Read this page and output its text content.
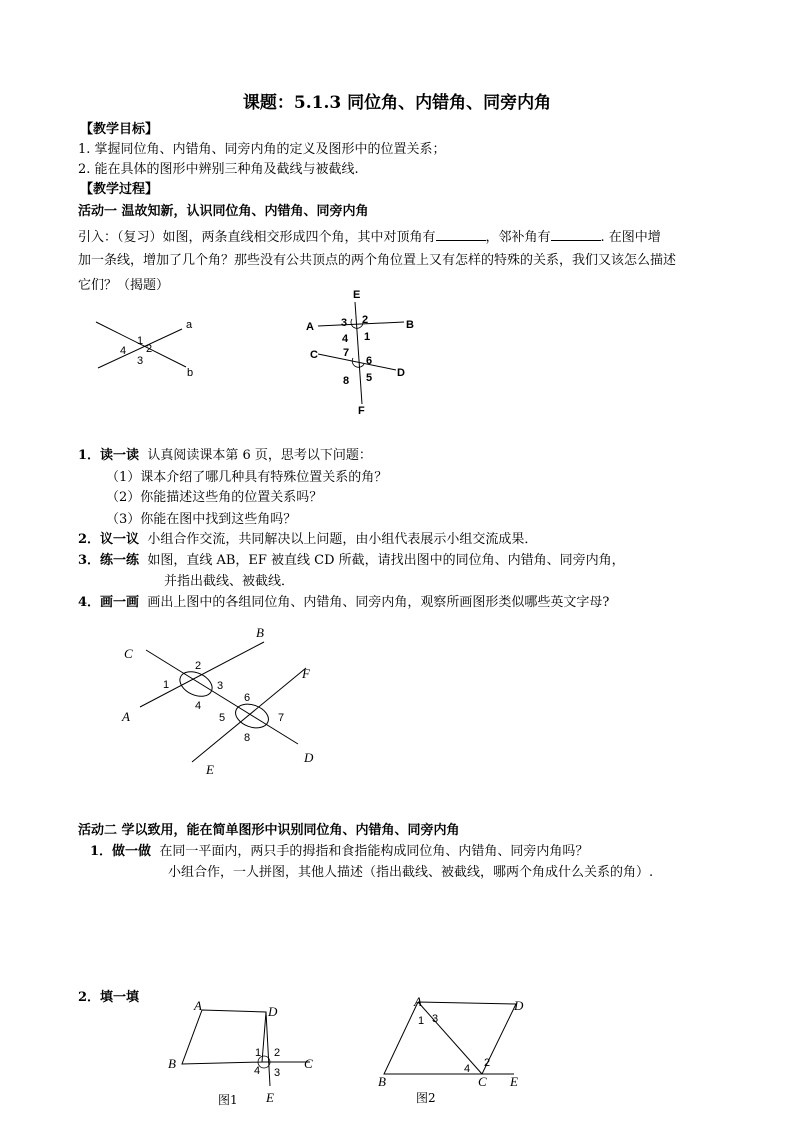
课题：5.1.3 同位角、内错角、同旁内角
【教学目标】
1. 掌握同位角、内错角、同旁内角的定义及图形中的位置关系；
2. 能在具体的图形中辨别三种角及截线与被截线.
【教学过程】
活动一 温故知新，认识同位角、内错角、同旁内角
引入：（复习）如图，两条直线相交形成四个角，其中对顶角有	，邻补角有	. 在图中增
加一条线，增加了几个角？那些没有公共顶点的两个角位置上又有怎样的特殊的关系，我们又该怎么描述
它们？（揭题）
a
b
1
2
3
4
E
A	B
C
D
F
3 2
4 1
7
6
8 5
1．读一读 认真阅读课本第 6 页，思考以下问题：
（1）课本介绍了哪几种具有特殊位置关系的角？
（2）你能描述这些角的位置关系吗？
（3）你能在图中找到这些角吗？
2．议一议 小组合作交流，共同解决以上问题，由小组代表展示小组交流成果．
3．练一练 如图，直线 AB，EF 被直线 CD 所截，请找出图中的同位角、内错角、同旁内角，
并指出截线、被截线．
4．画一画 画出上图中的各组同位角、内错角、同旁内角，观察所画图形类似哪些英文字母?
C
B
A
F
D
E
1
2
3
4
5
6
7
8
活动二 学以致用，能在简单图形中识别同位角、内错角、同旁内角
1．做一做 在同一平面内，两只手的拇指和食指能构成同位角、内错角、同旁内角吗？
小组合作，一人拼图，其他人描述（指出截线、被截线，哪两个角成什么关系的角）.
2．填一填
A	D
B	C
E
1 2
3
4
图1
A	D
B	C E
1 3
4 2
图2
